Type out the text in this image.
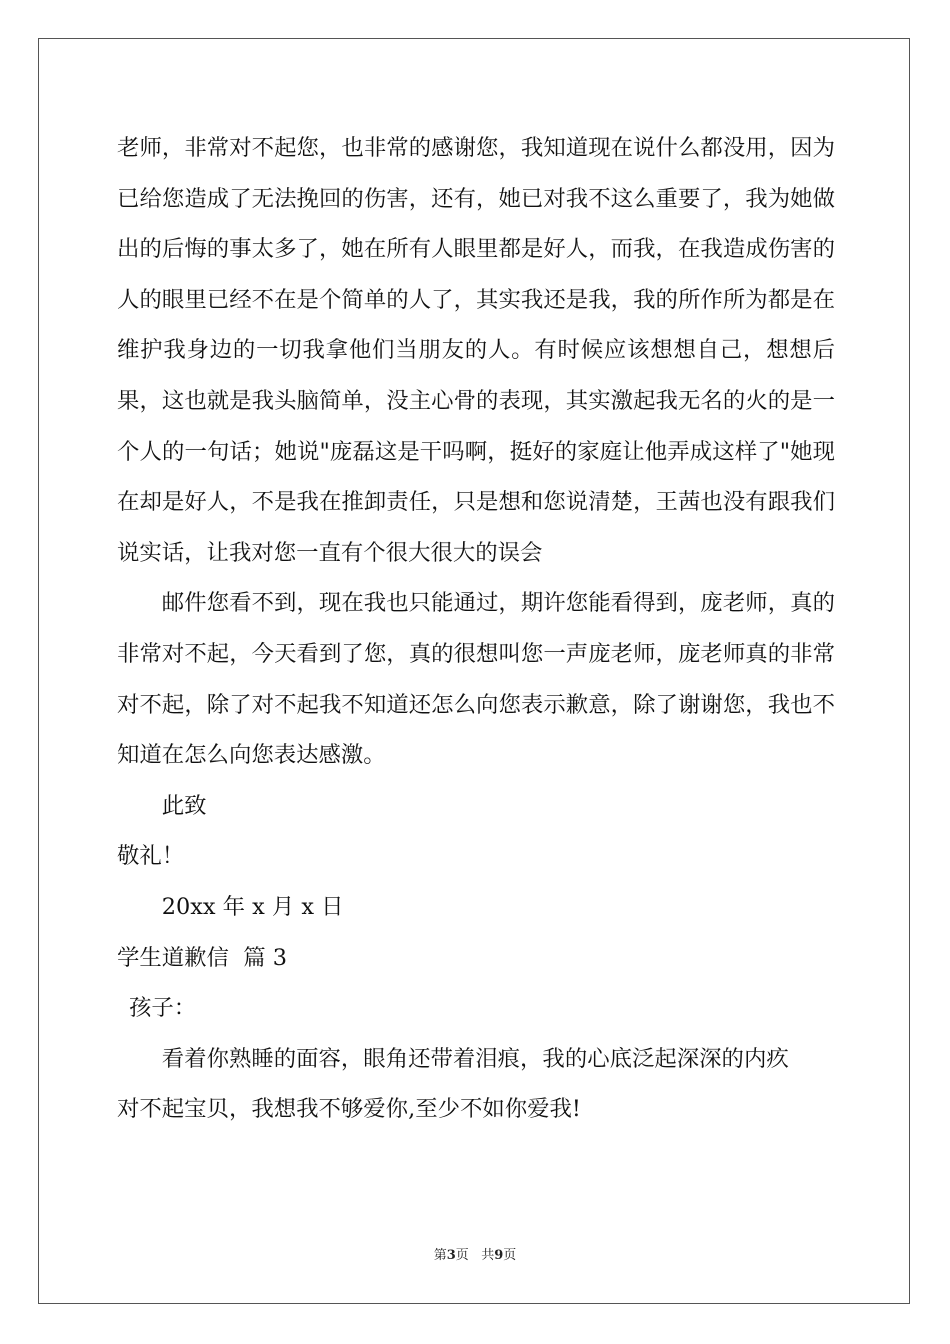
老师，非常对不起您，也非常的感谢您，我知道现在说什么都没用，因为已给您造成了无法挽回的伤害，还有，她已对我不这么重要了，我为她做出的后悔的事太多了，她在所有人眼里都是好人，而我，在我造成伤害的人的眼里已经不在是个简单的人了，其实我还是我，我的所作所为都是在维护我身边的一切我拿他们当朋友的人。有时候应该想想自己，想想后果，这也就是我头脑简单，没主心骨的表现，其实激起我无名的火的是一个人的一句话；她说"庞磊这是干吗啊，挺好的家庭让他弄成这样了"她现在却是好人，不是我在推卸责任，只是想和您说清楚，王茜也没有跟我们说实话，让我对您一直有个很大很大的误会

邮件您看不到，现在我也只能通过，期许您能看得到，庞老师，真的非常对不起，今天看到了您，真的很想叫您一声庞老师，庞老师真的非常对不起，除了对不起我不知道还怎么向您表示歉意，除了谢谢您，我也不知道在怎么向您表达感激。

此致

敬礼！

20xx 年 x 月 x 日

学生道歉信  篇 3

孩子：

看着你熟睡的面容，眼角还带着泪痕，我的心底泛起深深的内疚

对不起宝贝，我想我不够爱你,至少不如你爱我!

第3页   共9页
